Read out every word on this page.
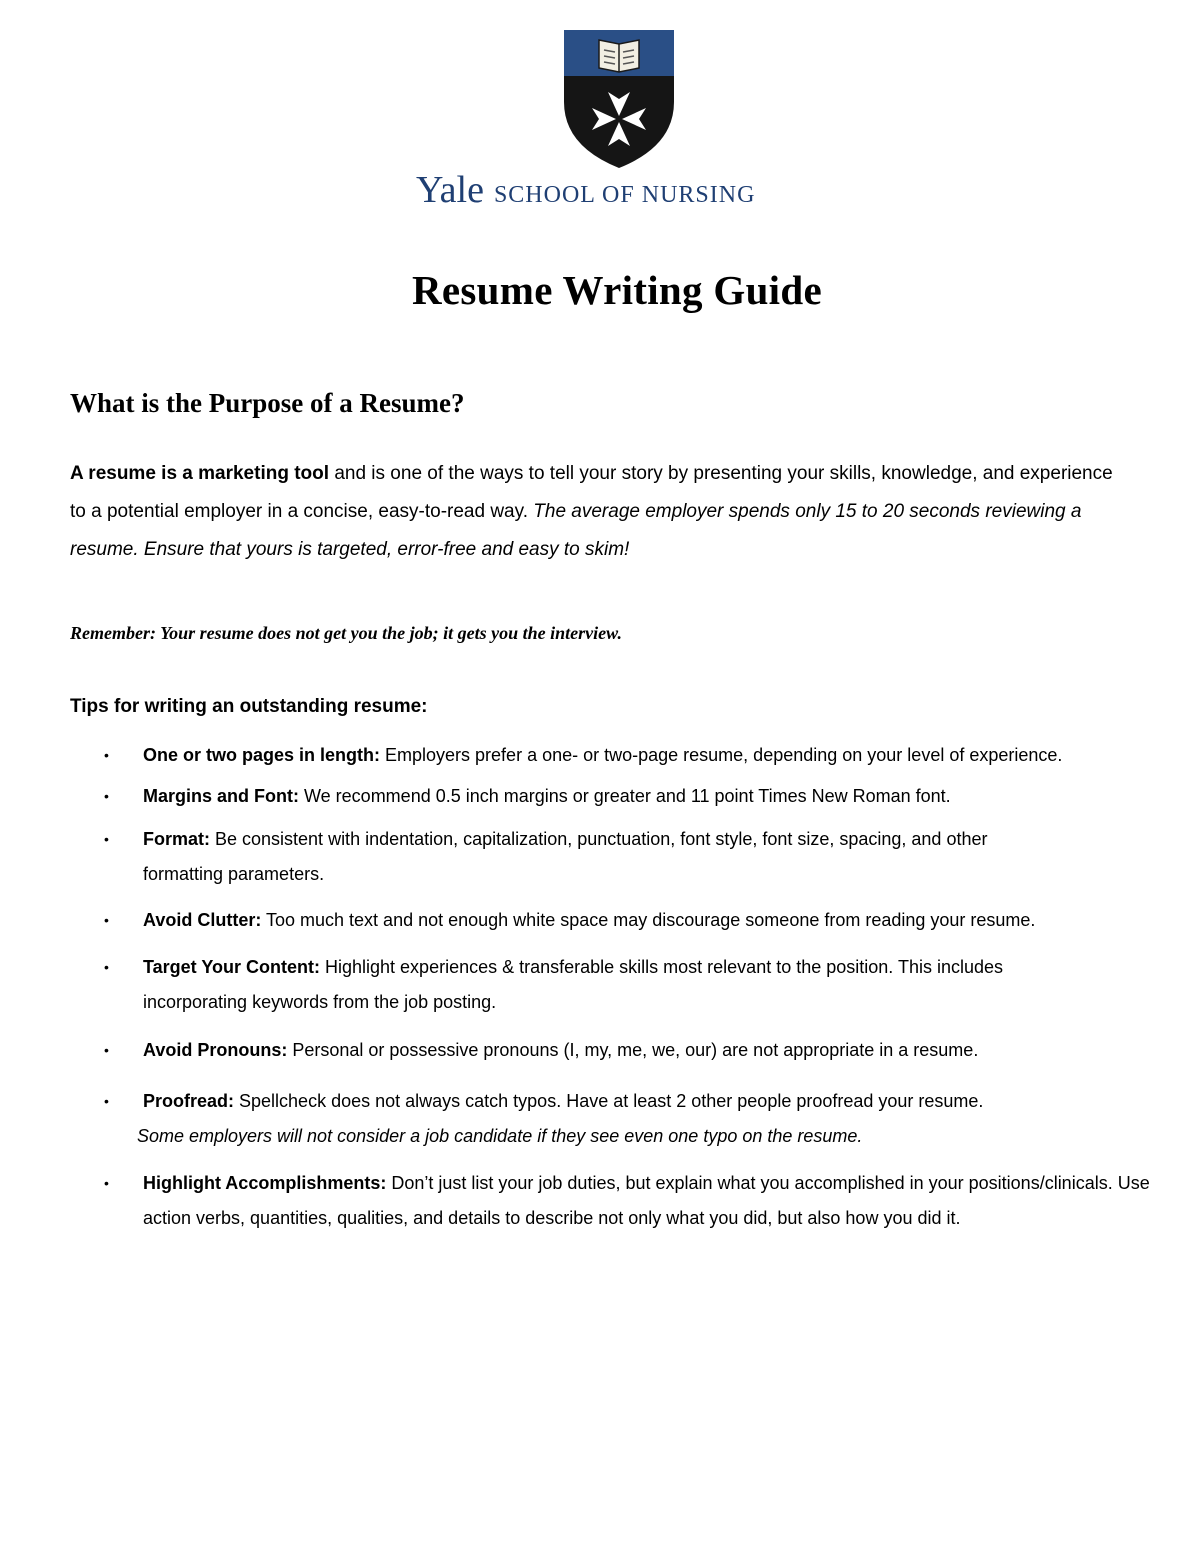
Yale SCHOOL OF NURSING
Resume Writing Guide
What is the Purpose of a Resume?

A resume is a marketing tool and is one of the ways to tell your story by presenting your skills, knowledge, and experience to a potential employer in a concise, easy-to-read way. The average employer spends only 15 to 20 seconds reviewing a resume. Ensure that yours is targeted, error-free and easy to skim!

Remember: Your resume does not get you the job; it gets you the interview.

Tips for writing an outstanding resume:

• One or two pages in length: Employers prefer a one- or two-page resume, depending on your level of experience.
• Margins and Font: We recommend 0.5 inch margins or greater and 11 point Times New Roman font.
• Format: Be consistent with indentation, capitalization, punctuation, font style, font size, spacing, and other formatting parameters.
• Avoid Clutter: Too much text and not enough white space may discourage someone from reading your resume.
• Target Your Content: Highlight experiences & transferable skills most relevant to the position. This includes incorporating keywords from the job posting.
• Avoid Pronouns: Personal or possessive pronouns (I, my, me, we, our) are not appropriate in a resume.
• Proofread: Spellcheck does not always catch typos. Have at least 2 other people proofread your resume.
Some employers will not consider a job candidate if they see even one typo on the resume.
• Highlight Accomplishments: Don’t just list your job duties, but explain what you accomplished in your positions/clinicals. Use action verbs, quantities, qualities, and details to describe not only what you did, but also how you did it.
